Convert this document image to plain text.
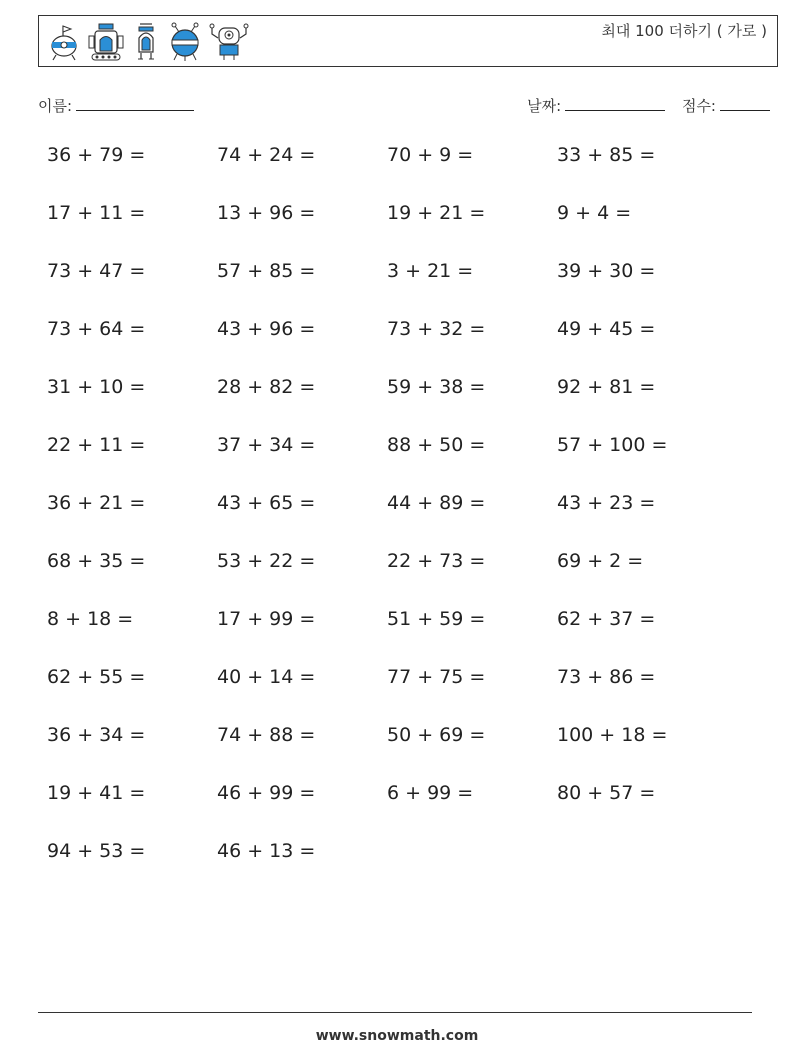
최대 100 더하기 ( 가로 )
이름:	날짜:	점수:
36 + 79 =	74 + 24 =	70 + 9 =	33 + 85 =
17 + 11 =	13 + 96 =	19 + 21 =	9 + 4 =
73 + 47 =	57 + 85 =	3 + 21 =	39 + 30 =
73 + 64 =	43 + 96 =	73 + 32 =	49 + 45 =
31 + 10 =	28 + 82 =	59 + 38 =	92 + 81 =
22 + 11 =	37 + 34 =	88 + 50 =	57 + 100 =
36 + 21 =	43 + 65 =	44 + 89 =	43 + 23 =
68 + 35 =	53 + 22 =	22 + 73 =	69 + 2 =
8 + 18 =	17 + 99 =	51 + 59 =	62 + 37 =
62 + 55 =	40 + 14 =	77 + 75 =	73 + 86 =
36 + 34 =	74 + 88 =	50 + 69 =	100 + 18 =
19 + 41 =	46 + 99 =	6 + 99 =	80 + 57 =
94 + 53 =	46 + 13 =
www.snowmath.com
